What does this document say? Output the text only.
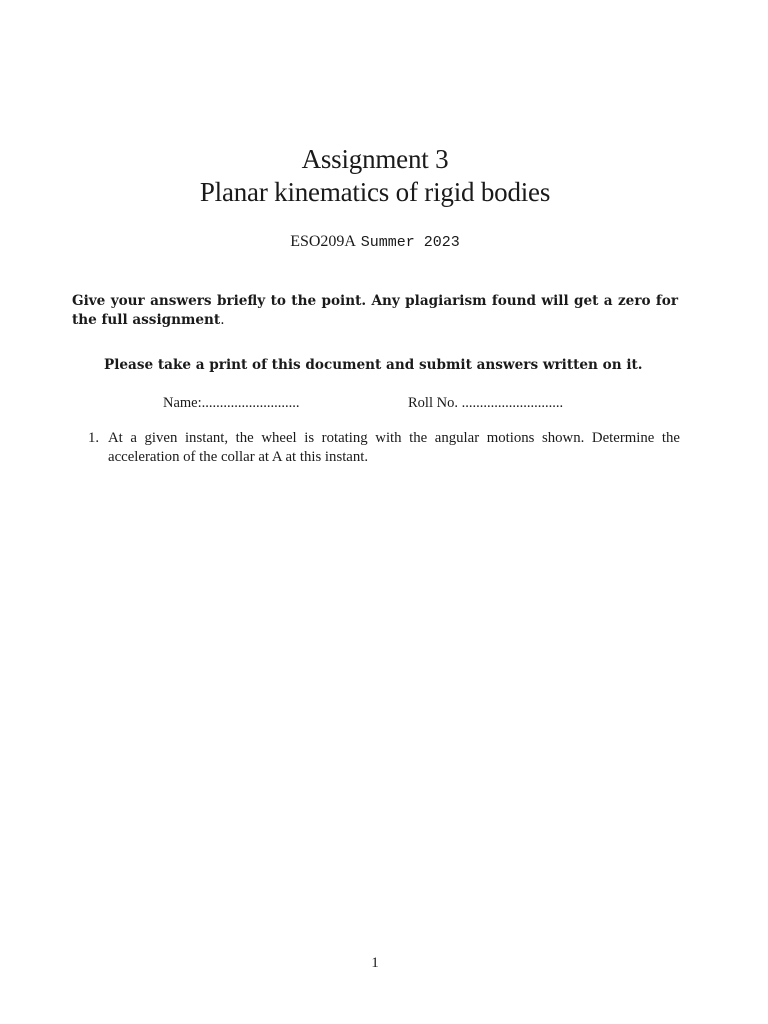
Assignment 3
Planar kinematics of rigid bodies
ESO209A Summer 2023
Give your answers briefly to the point. Any plagiarism found will get a zero for the full assignment.
Please take a print of this document and submit answers written on it.
Name:...........................	Roll No. ............................
1. At a given instant, the wheel is rotating with the angular motions shown. Determine the acceleration of the collar at A at this instant.
1
